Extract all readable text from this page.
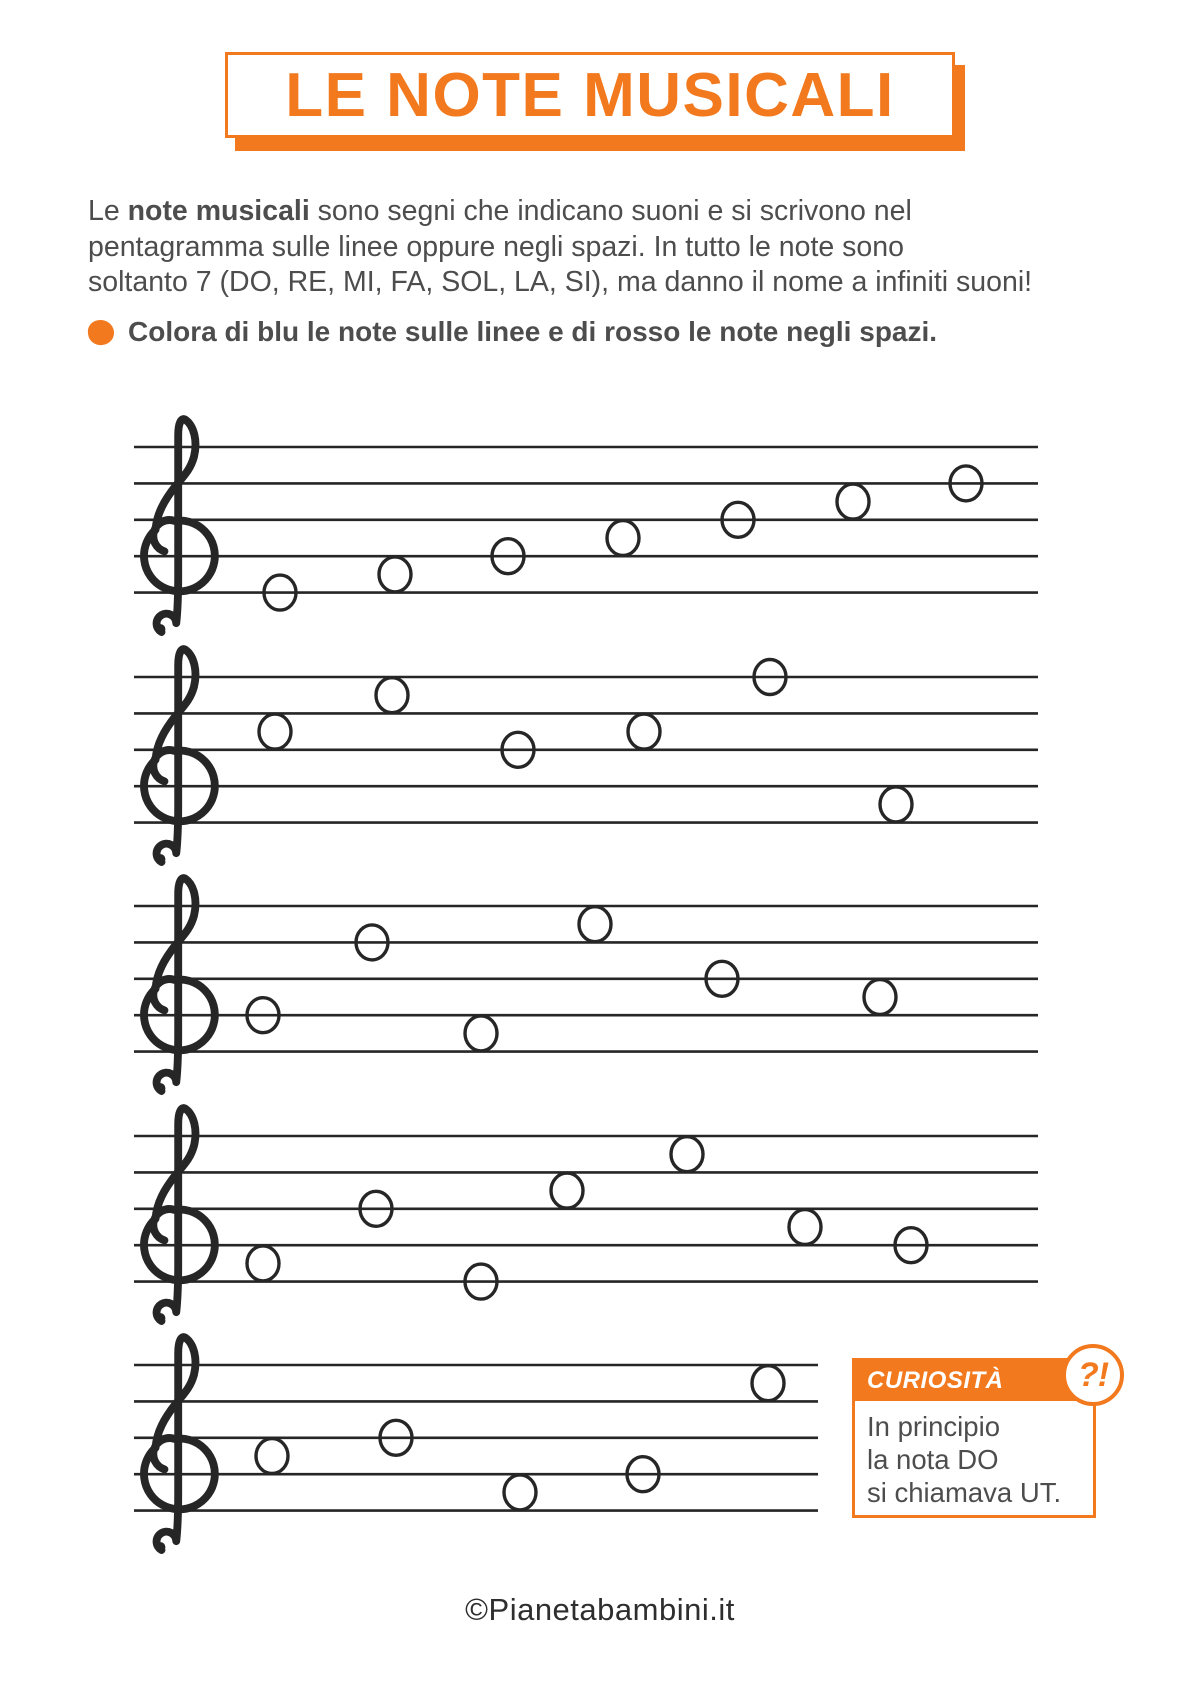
LE NOTE MUSICALI

Le note musicali sono segni che indicano suoni e si scrivono nel
pentagramma sulle linee oppure negli spazi. In tutto le note sono
soltanto 7 (DO, RE, MI, FA, SOL, LA, SI), ma danno il nome a infiniti suoni!

Colora di blu le note sulle linee e di rosso le note negli spazi.
CURIOSITÀ	?!
In principio
la nota DO
si chiamava UT.
©Pianetabambini.it
